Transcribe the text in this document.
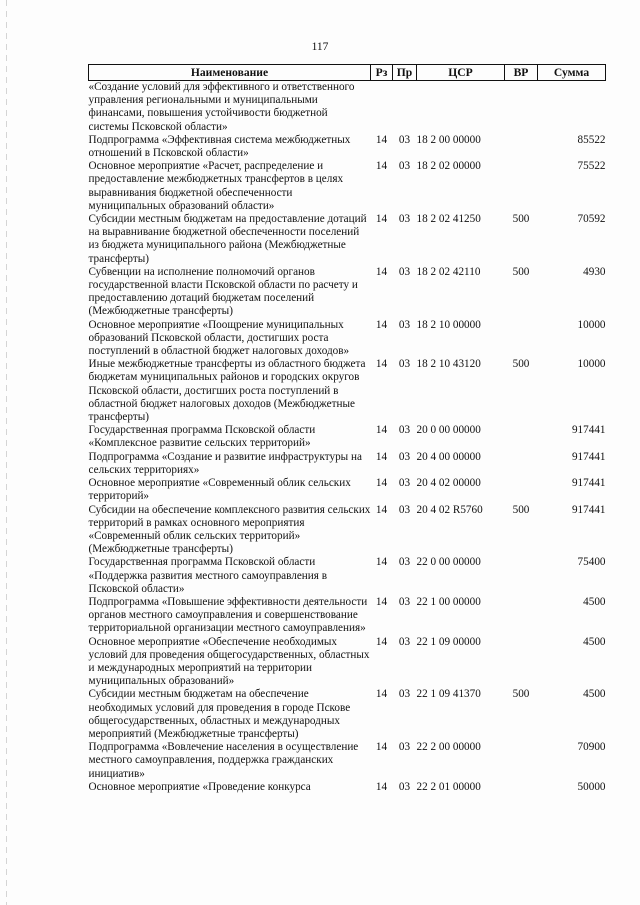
117
Наименование	Рз	Пр	ЦСР	ВР	Сумма
«Создание условий для эффективного и ответственного управления региональными и муниципальными финансами, повышения устойчивости бюджетной системы Псковской области»					
Подпрограмма «Эффективная система межбюджетных отношений в Псковской области»	14	03	18 2 00 00000		85522
Основное мероприятие «Расчет, распределение и предоставление межбюджетных трансфертов в целях выравнивания бюджетной обеспеченности муниципальных образований области»	14	03	18 2 02 00000		75522
Субсидии местным бюджетам на предоставление дотаций на выравнивание бюджетной обеспеченности поселений из бюджета муниципального района (Межбюджетные трансферты)	14	03	18 2 02 41250	500	70592
Субвенции на исполнение полномочий органов государственной власти Псковской области по расчету и предоставлению дотаций бюджетам поселений (Межбюджетные трансферты)	14	03	18 2 02 42110	500	4930
Основное мероприятие «Поощрение муниципальных образований Псковской области, достигших роста поступлений в областной бюджет налоговых доходов»	14	03	18 2 10 00000		10000
Иные межбюджетные трансферты из областного бюджета бюджетам муниципальных районов и городских округов Псковской области, достигших роста поступлений в областной бюджет налоговых доходов (Межбюджетные трансферты)	14	03	18 2 10 43120	500	10000
Государственная программа Псковской области «Комплексное развитие сельских территорий»	14	03	20 0 00 00000		917441
Подпрограмма «Создание и развитие инфраструктуры на сельских территориях»	14	03	20 4 00 00000		917441
Основное мероприятие «Современный облик сельских территорий»	14	03	20 4 02 00000		917441
Субсидии на обеспечение комплексного развития сельских территорий в рамках основного мероприятия «Современный облик сельских территорий» (Межбюджетные трансферты)	14	03	20 4 02 R5760	500	917441
Государственная программа Псковской области «Поддержка развития местного самоуправления в Псковской области»	14	03	22 0 00 00000		75400
Подпрограмма «Повышение эффективности деятельности органов местного самоуправления и совершенствование территориальной организации местного самоуправления»	14	03	22 1 00 00000		4500
Основное мероприятие «Обеспечение необходимых условий для проведения общегосударственных, областных и международных мероприятий на территории муниципальных образований»	14	03	22 1 09 00000		4500
Субсидии местным бюджетам на обеспечение необходимых условий для проведения в городе Пскове общегосударственных, областных и международных мероприятий (Межбюджетные трансферты)	14	03	22 1 09 41370	500	4500
Подпрограмма «Вовлечение населения в осуществление местного самоуправления, поддержка гражданских инициатив»	14	03	22 2 00 00000		70900
Основное мероприятие «Проведение конкурса	14	03	22 2 01 00000		50000
